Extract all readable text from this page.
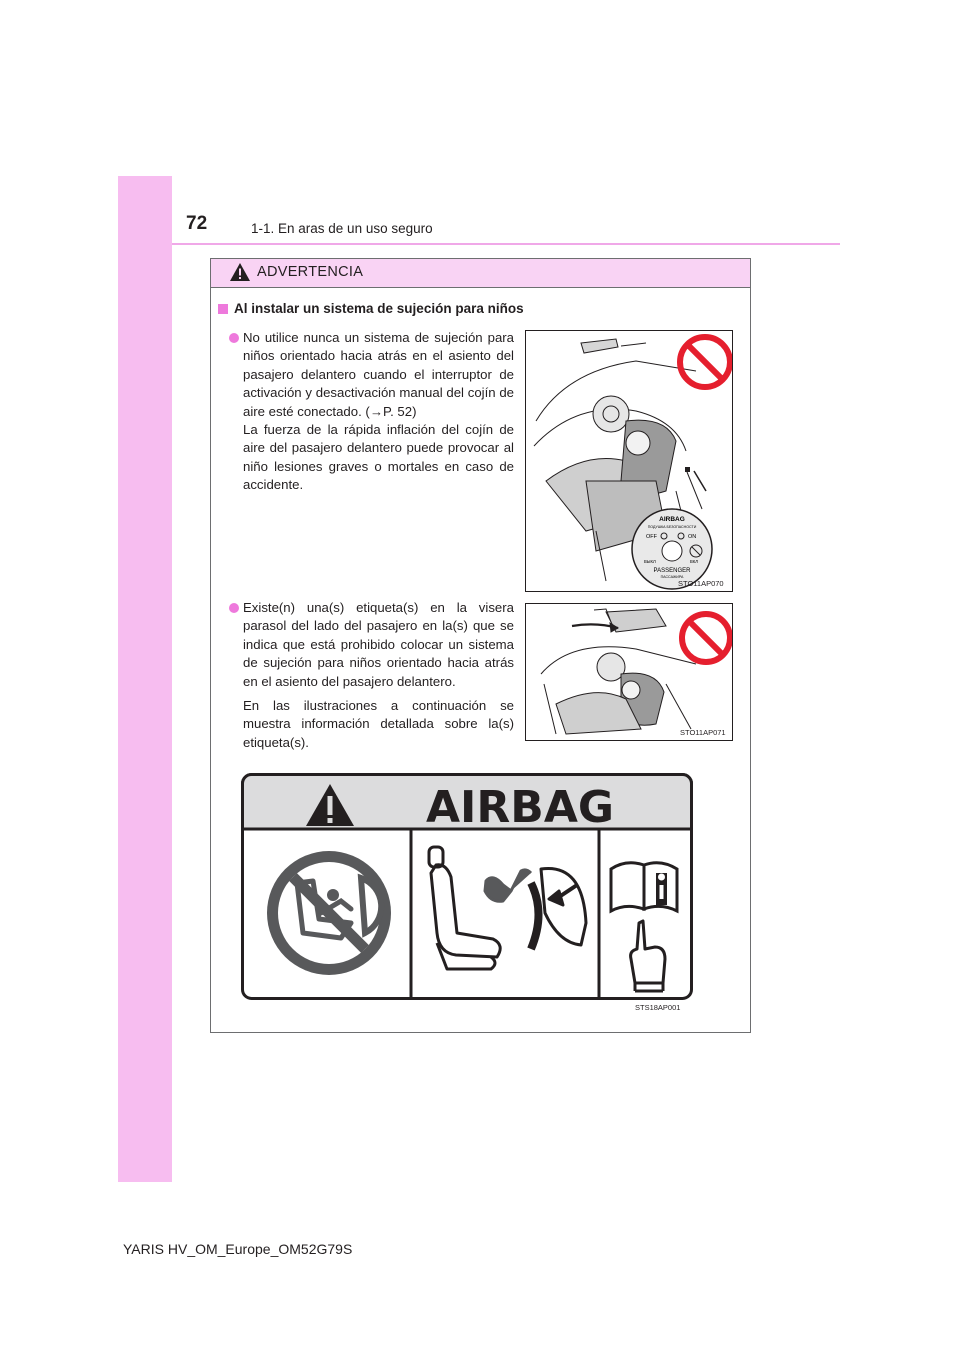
72	1-1. En aras de un uso seguro
ADVERTENCIA
Al instalar un sistema de sujeción para niños

No utilice nunca un sistema de sujeción para niños orientado hacia atrás en el asiento del pasajero delantero cuando el interruptor de activación y desactivación manual del cojín de aire esté conectado. (→P. 52)

La fuerza de la rápida inflación del cojín de aire del pasajero delantero puede provocar al niño lesiones graves o mortales en caso de accidente.

AIRBAG
ПОДУШКА БЕЗОПАСНОСТИ
OFF	ON
ВЫКЛ	ВКЛ
PASSENGER
ПАССАЖИРА
STO11AP070

Existe(n) una(s) etiqueta(s) en la visera parasol del lado del pasajero en la(s) que se indica que está prohibido colocar un sistema de sujeción para niños orientado hacia atrás en el asiento del pasajero delantero.

En las ilustraciones a continuación se muestra información detallada sobre la(s) etiqueta(s).

STO11AP071
AIRBAG
STS18AP001
YARIS HV_OM_Europe_OM52G79S
